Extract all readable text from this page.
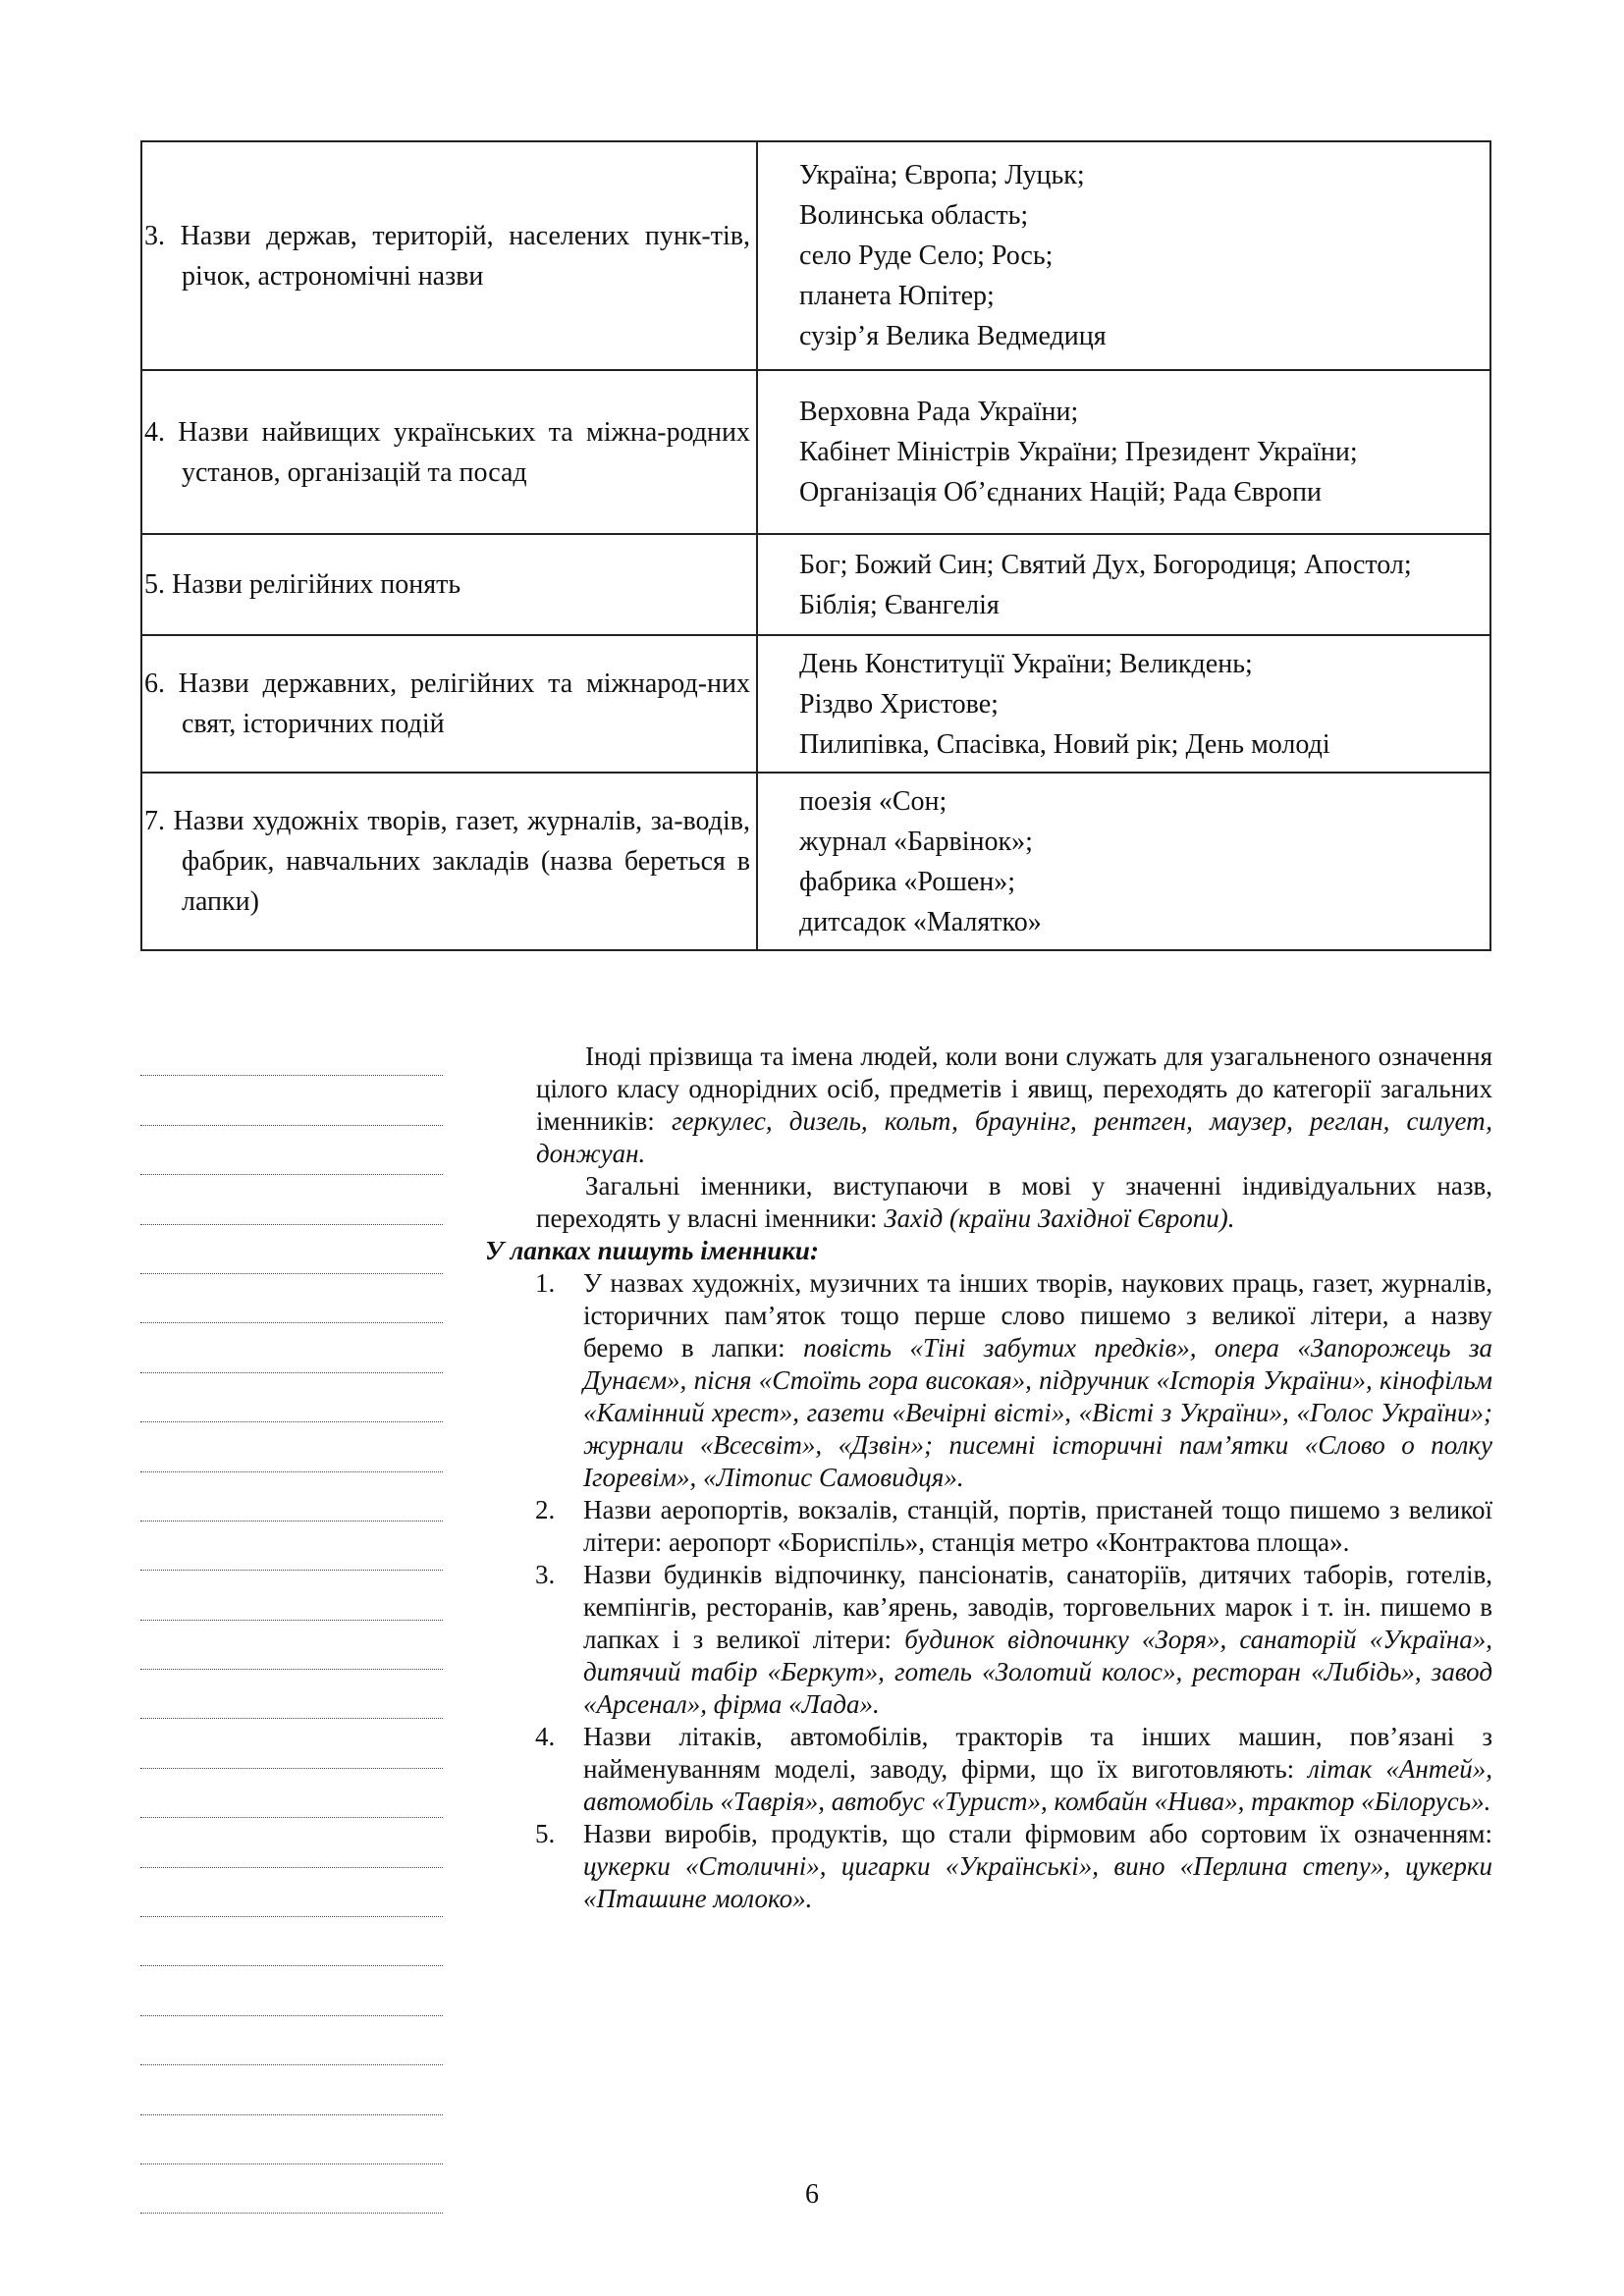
3. Назви держав, територій, населених пунк-тів, річок, астрономічні назви	Україна; Європа; Луцьк;
Волинська область;
село Руде Село; Рось;
планета Юпітер;
сузір’я Велика Ведмедиця

4. Назви найвищих українських та міжна-родних установ, організацій та посад	Верховна Рада України;
Кабінет Міністрів України; Президент України;
Організація Об’єднаних Націй; Рада Європи

5. Назви релігійних понять	Бог; Божий Син; Святий Дух, Богородиця; Апостол;
Біблія; Євангелія

6. Назви державних, релігійних та міжнарод-них свят, історичних подій	День Конституції України; Великдень;
Різдво Христове;
Пилипівка, Спасівка, Новий рік; День молоді

7. Назви художніх творів, газет, журналів, за-водів, фабрик, навчальних закладів (назва береться в лапки)	поезія «Сон;
журнал «Барвінок»;
фабрика «Рошен»;
дитсадок «Малятко»

Іноді прізвища та імена людей, коли вони служать для узагальненого означення цілого класу однорідних осіб, предметів і явищ, переходять до категорії загальних іменників: геркулес, дизель, кольт, браунінг, рентген, маузер, реглан, силует, донжуан.

Загальні іменники, виступаючи в мові у значенні індивідуальних назв, переходять у власні іменники: Захід (країни Західної Європи).

У лапках пишуть іменники:

1. У назвах художніх, музичних та інших творів, наукових праць, газет, журналів, історичних пам’яток тощо перше слово пишемо з великої літери, а назву беремо в лапки: повість «Тіні забутих предків», опера «Запорожець за Дунаєм», пісня «Стоїть гора високая», підручник «Історія України», кінофільм «Камінний хрест», газети «Вечірні вісті», «Вісті з України», «Голос України»; журнали «Всесвіт», «Дзвін»; писемні історичні пам’ятки «Слово о полку Ігоревім», «Літопис Самовидця».
2. Назви аеропортів, вокзалів, станцій, портів, пристаней тощо пишемо з великої літери: аеропорт «Бориспіль», станція метро «Контрактова площа».
3. Назви будинків відпочинку, пансіонатів, санаторіїв, дитячих таборів, готелів, кемпінгів, ресторанів, кав’ярень, заводів, торговельних марок і т. ін. пишемо в лапках і з великої літери: будинок відпочинку «Зоря», санаторій «Україна», дитячий табір «Беркут», готель «Золотий колос», ресторан «Либідь», завод «Арсенал», фірма «Лада».
4. Назви літаків, автомобілів, тракторів та інших машин, пов’язані з найменуванням моделі, заводу, фірми, що їх виготовляють: літак «Антей», автомобіль «Таврія», автобус «Турист», комбайн «Нива», трактор «Білорусь».
5. Назви виробів, продуктів, що стали фірмовим або сортовим їх означенням: цукерки «Столичні», цигарки «Українські», вино «Перлина степу», цукерки «Пташине молоко».
6
